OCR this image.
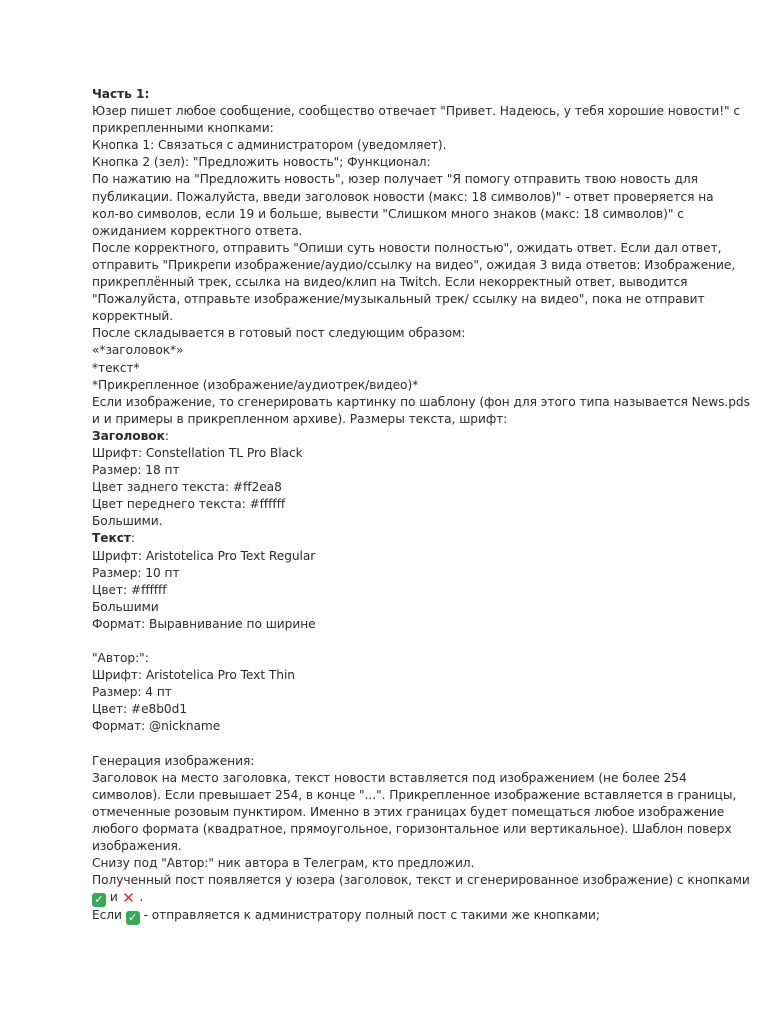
Часть 1:
Юзер пишет любое сообщение, сообщество отвечает "Привет. Надеюсь, у тебя хорошие новости!" с
прикрепленными кнопками:
Кнопка 1: Связаться с администратором (уведомляет).
Кнопка 2 (зел): "Предложить новость"; Функционал:
По нажатию на "Предложить новость", юзер получает "Я помогу отправить твою новость для
публикации. Пожалуйста, введи заголовок новости (макс: 18 символов)" - ответ проверяется на
кол-во символов, если 19 и больше, вывести "Слишком много знаков (макс: 18 символов)" с
ожиданием корректного ответа.
После корректного, отправить "Опиши суть новости полностью", ожидать ответ. Если дал ответ,
отправить "Прикрепи изображение/аудио/ссылку на видео", ожидая 3 вида ответов: Изображение,
прикреплённый трек, ссылка на видео/клип на Twitch. Если некорректный ответ, выводится
"Пожалуйста, отправьте изображение/музыкальный трек/ ссылку на видео", пока не отправит
корректный.
После складывается в готовый пост следующим образом:
«*заголовок*»
*текст*
*Прикрепленное (изображение/аудиотрек/видео)*
Если изображение, то сгенерировать картинку по шаблону (фон для этого типа называется News.pds
и и примеры в прикрепленном архиве). Размеры текста, шрифт:
Заголовок:
Шрифт: Constellation TL Pro Black
Размер: 18 пт
Цвет заднего текста: #ff2ea8
Цвет переднего текста: #ffffff
Большими.
Текст:
Шрифт: Aristotelica Pro Text Regular
Размер: 10 пт
Цвет: #ffffff
Большими
Формат: Выравнивание по ширине
"Автор:":
Шрифт: Aristotelica Pro Text Thin
Размер: 4 пт
Цвет: #e8b0d1
Формат: @nickname
Генерация изображения:
Заголовок на место заголовка, текст новости вставляется под изображением (не более 254
символов). Если превышает 254, в конце "...". Прикрепленное изображение вставляется в границы,
отмеченные розовым пунктиром. Именно в этих границах будет помещаться любое изображение
любого формата (квадратное, прямоугольное, горизонтальное или вертикальное). Шаблон поверх
изображения.
Снизу под "Автор:" ник автора в Телеграм, кто предложил.
Полученный пост появляется у юзера (заголовок, текст и сгенерированное изображение) с кнопками
✓ и ✕ .
Если ✓ - отправляется к администратору полный пост с такими же кнопками;
